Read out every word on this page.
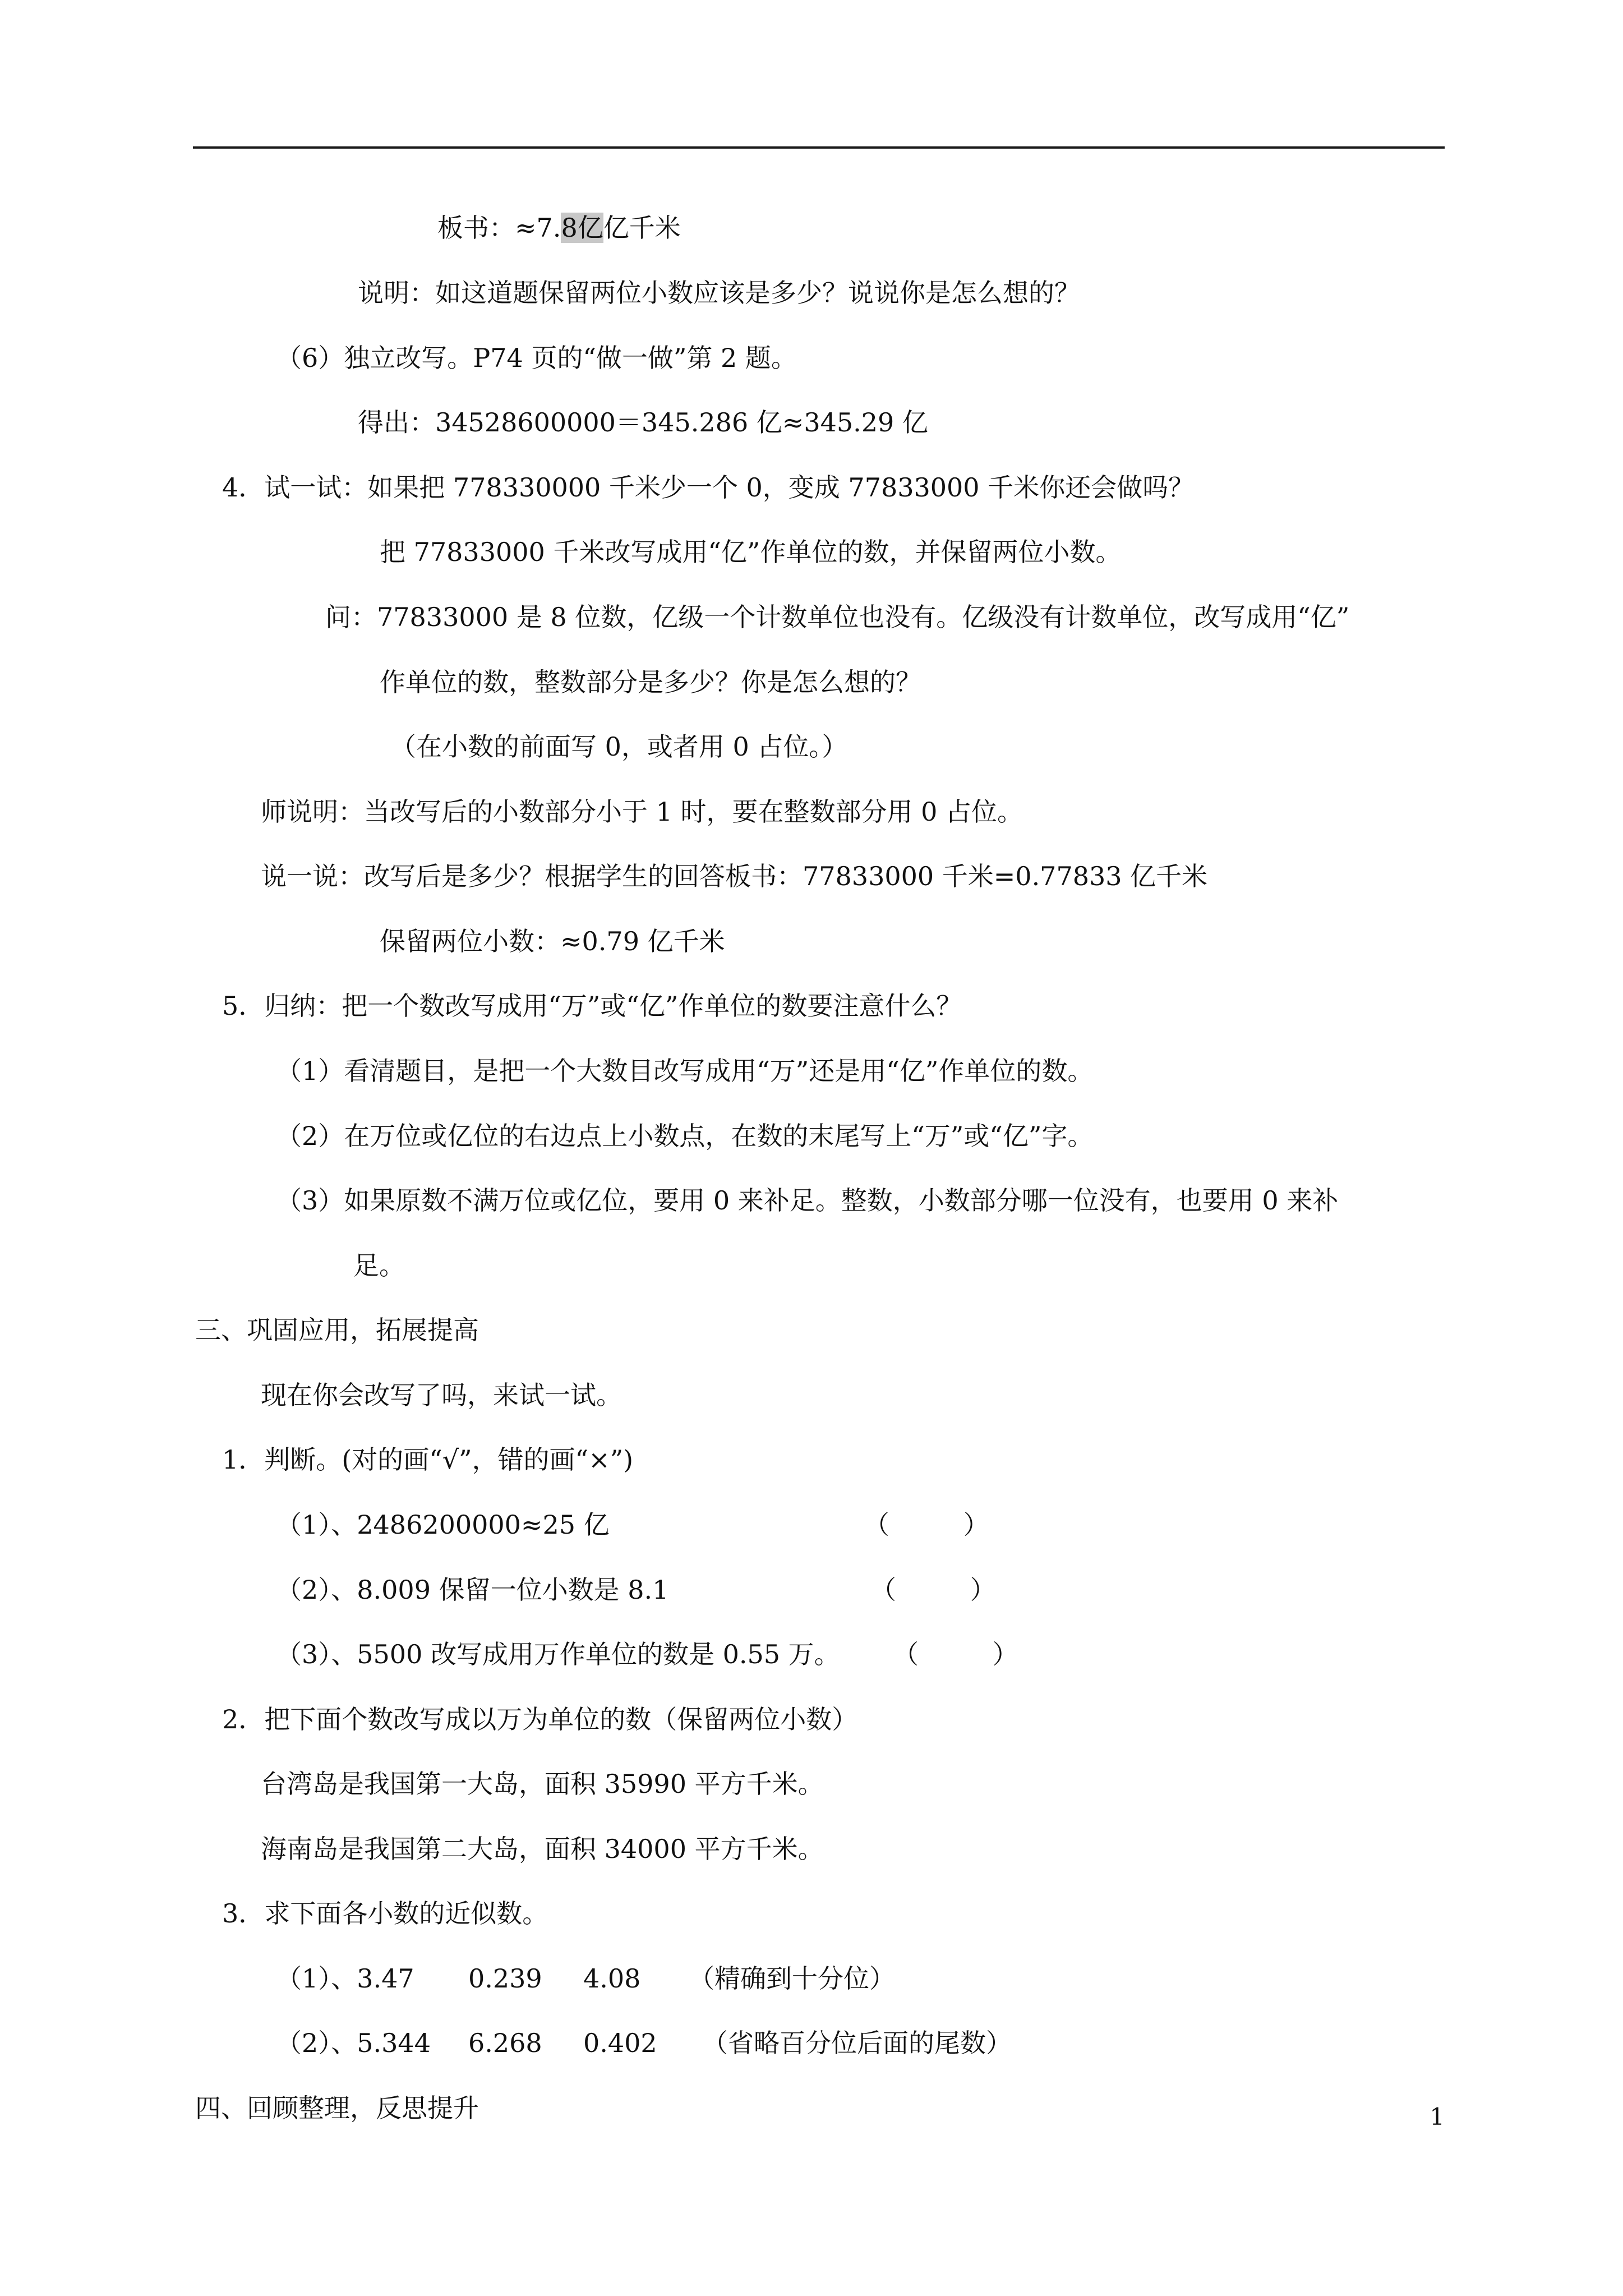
板书：≈7.8亿亿千米
说明：如这道题保留两位小数应该是多少？说说你是怎么想的？
（6）独立改写。P74 页的“做一做”第 2 题。
得出：34528600000＝345.286 亿≈345.29 亿
4．试一试：如果把 778330000 千米少一个 0，变成 77833000 千米你还会做吗？
把 77833000 千米改写成用“亿”作单位的数，并保留两位小数。
问：77833000 是 8 位数，亿级一个计数单位也没有。亿级没有计数单位，改写成用“亿”
作单位的数，整数部分是多少？你是怎么想的？
（在小数的前面写 0，或者用 0 占位。）
师说明：当改写后的小数部分小于 1 时，要在整数部分用 0 占位。
说一说：改写后是多少？根据学生的回答板书：77833000 千米=0.77833 亿千米
保留两位小数：≈0.79 亿千米
5．归纳：把一个数改写成用“万”或“亿”作单位的数要注意什么？
（1）看清题目，是把一个大数目改写成用“万”还是用“亿”作单位的数。
（2）在万位或亿位的右边点上小数点，在数的末尾写上“万”或“亿”字。
（3）如果原数不满万位或亿位，要用 0 来补足。整数，小数部分哪一位没有，也要用 0 来补
足。
三、巩固应用，拓展提高
现在你会改写了吗，来试一试。
1．判断。(对的画“√”，错的画“×”)
（1）、2486200000≈25 亿	（         ）
（2）、8.009 保留一位小数是 8.1	（         ）
（3）、5500 改写成用万作单位的数是 0.55 万。 （         ）
2．把下面个数改写成以万为单位的数（保留两位小数）
台湾岛是我国第一大岛，面积 35990 平方千米。
海南岛是我国第二大岛，面积 34000 平方千米。
3．求下面各小数的近似数。
（1）、3.47 0.239 4.08 （精确到十分位）
（2）、5.344 6.268 0.402 （省略百分位后面的尾数）
四、回顾整理，反思提升	1
